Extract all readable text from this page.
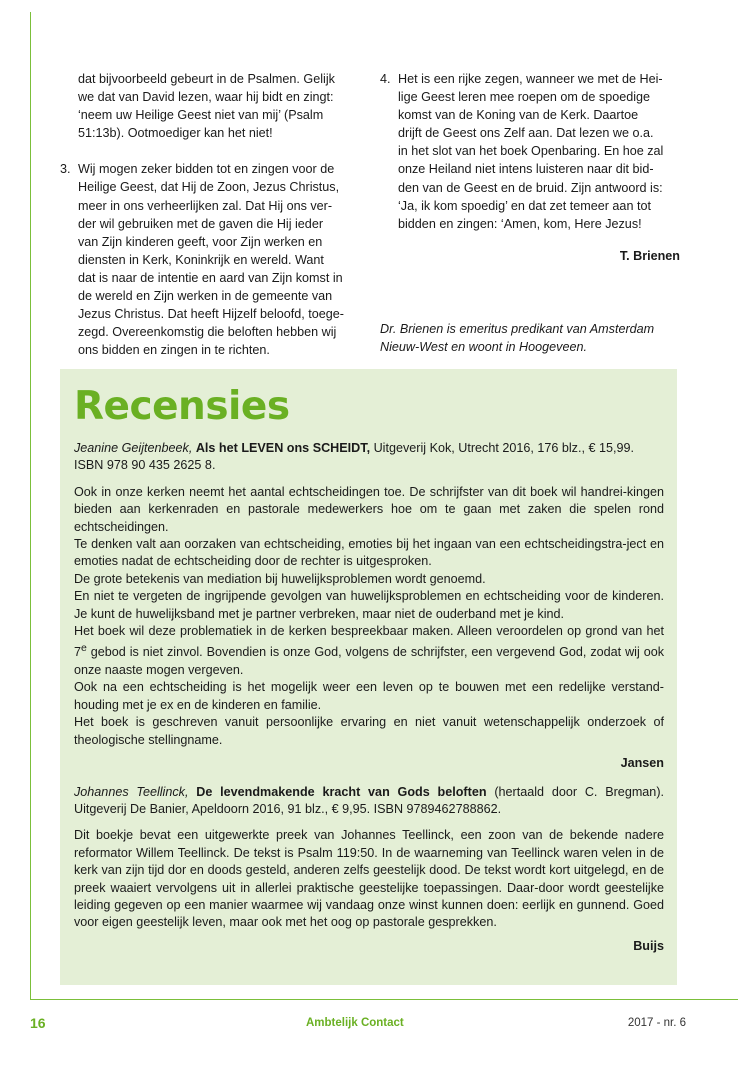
dat bijvoorbeeld gebeurt in de Psalmen. Gelijk
we dat van David lezen, waar hij bidt en zingt:
‘neem uw Heilige Geest niet van mij’ (Psalm
51:13b). Ootmoediger kan het niet!
3. Wij mogen zeker bidden tot en zingen voor de
Heilige Geest, dat Hij de Zoon, Jezus Christus,
meer in ons verheerlijken zal. Dat Hij ons ver-
der wil gebruiken met de gaven die Hij ieder
van Zijn kinderen geeft, voor Zijn werken en
diensten in Kerk, Koninkrijk en wereld. Want
dat is naar de intentie en aard van Zijn komst in
de wereld en Zijn werken in de gemeente van
Jezus Christus. Dat heeft Hijzelf beloofd, toege-
zegd. Overeenkomstig die beloften hebben wij
ons bidden en zingen in te richten.
4. Het is een rijke zegen, wanneer we met de Hei-
lige Geest leren mee roepen om de spoedige
komst van de Koning van de Kerk. Daartoe
drijft de Geest ons Zelf aan. Dat lezen we o.a.
in het slot van het boek Openbaring. En hoe zal
onze Heiland niet intens luisteren naar dit bid-
den van de Geest en de bruid. Zijn antwoord is:
‘Ja, ik kom spoedig’ en dat zet temeer aan tot
bidden en zingen: ‘Amen, kom, Here Jezus!
T. Brienen
Dr. Brienen is emeritus predikant van Amsterdam
Nieuw-West en woont in Hoogeveen.
Recensies

Jeanine Geijtenbeek, Als het LEVEN ons SCHEIDT, Uitgeverij Kok, Utrecht 2016, 176 blz., € 15,99.
ISBN 978 90 435 2625 8.

Ook in onze kerken neemt het aantal echtscheidingen toe. De schrijfster van dit boek wil handrei-kingen bieden aan kerkenraden en pastorale medewerkers hoe om te gaan met zaken die spelen rond echtscheidingen.

Te denken valt aan oorzaken van echtscheiding, emoties bij het ingaan van een echtscheidingstra-ject en emoties nadat de echtscheiding door de rechter is uitgesproken.

De grote betekenis van mediation bij huwelijksproblemen wordt genoemd.

En niet te vergeten de ingrijpende gevolgen van huwelijksproblemen en echtscheiding voor de kinderen. Je kunt de huwelijksband met je partner verbreken, maar niet de ouderband met je kind.

Het boek wil deze problematiek in de kerken bespreekbaar maken. Alleen veroordelen op grond van het 7e gebod is niet zinvol. Bovendien is onze God, volgens de schrijfster, een vergevend God, zodat wij ook onze naaste mogen vergeven.

Ook na een echtscheiding is het mogelijk weer een leven op te bouwen met een redelijke verstand-houding met je ex en de kinderen en familie.

Het boek is geschreven vanuit persoonlijke ervaring en niet vanuit wetenschappelijk onderzoek of theologische stellingname.

Jansen

Johannes Teellinck, De levendmakende kracht van Gods beloften (hertaald door C. Bregman). Uitgeverij De Banier, Apeldoorn 2016, 91 blz., € 9,95. ISBN 9789462788862.

Dit boekje bevat een uitgewerkte preek van Johannes Teellinck, een zoon van de bekende nadere reformator Willem Teellinck. De tekst is Psalm 119:50. In de waarneming van Teellinck waren velen in de kerk van zijn tijd dor en doods gesteld, anderen zelfs geestelijk dood. De tekst wordt kort uitgelegd, en de preek waaiert vervolgens uit in allerlei praktische geestelijke toepassingen. Daar-door wordt geestelijke leiding gegeven op een manier waarmee wij vandaag onze winst kunnen doen: eerlijk en gunnend. Goed voor eigen geestelijk leven, maar ook met het oog op pastorale gesprekken.

Buijs

16	Ambtelijk Contact	2017 - nr. 6
